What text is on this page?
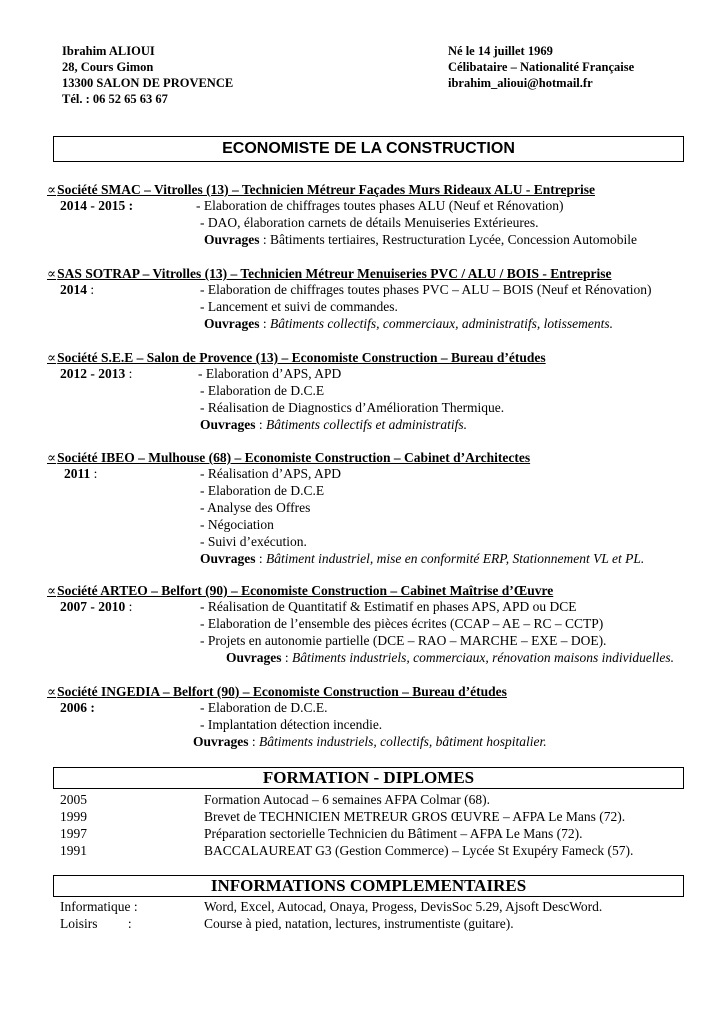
Ibrahim ALIOUI
28, Cours Gimon
13300 SALON DE PROVENCE
Tél. : 06 52 65 63 67
Né le 14 juillet 1969
Célibataire – Nationalité Française
ibrahim_alioui@hotmail.fr
ECONOMISTE DE LA CONSTRUCTION
∝Société SMAC – Vitrolles (13) – Technicien Métreur Façades Murs Rideaux ALU - Entreprise
2014 - 2015 :	- Elaboration de chiffrages toutes phases ALU (Neuf et Rénovation)
- DAO, élaboration carnets de détails Menuiseries Extérieures.
Ouvrages : Bâtiments tertiaires, Restructuration Lycée, Concession Automobile
∝SAS SOTRAP – Vitrolles (13) – Technicien Métreur Menuiseries PVC / ALU / BOIS - Entreprise
2014 :	- Elaboration de chiffrages toutes phases PVC – ALU – BOIS (Neuf et Rénovation)
- Lancement et suivi de commandes.
Ouvrages : Bâtiments collectifs, commerciaux, administratifs, lotissements.
∝Société S.E.E – Salon de Provence (13) – Economiste Construction – Bureau d’études
2012 - 2013 :	- Elaboration d’APS, APD
- Elaboration de D.C.E
- Réalisation de Diagnostics d’Amélioration Thermique.
Ouvrages : Bâtiments collectifs et administratifs.
∝Société IBEO – Mulhouse (68) – Economiste Construction – Cabinet d’Architectes
2011 :	- Réalisation d’APS, APD
- Elaboration de D.C.E
- Analyse des Offres
- Négociation
- Suivi d’exécution.
Ouvrages : Bâtiment industriel, mise en conformité ERP, Stationnement VL et PL.
∝Société ARTEO – Belfort (90) – Economiste Construction – Cabinet Maîtrise d’Œuvre
2007 - 2010 :	- Réalisation de Quantitatif & Estimatif en phases APS, APD ou DCE
- Elaboration de l’ensemble des pièces écrites (CCAP – AE – RC – CCTP)
- Projets en autonomie partielle (DCE – RAO – MARCHE – EXE – DOE).
Ouvrages : Bâtiments industriels, commerciaux, rénovation maisons individuelles.
∝Société INGEDIA – Belfort (90) – Economiste Construction – Bureau d’études
2006 :	- Elaboration de D.C.E.
- Implantation détection incendie.
Ouvrages : Bâtiments industriels, collectifs, bâtiment hospitalier.
FORMATION - DIPLOMES
2005	Formation Autocad – 6 semaines AFPA Colmar (68).
1999	Brevet de TECHNICIEN METREUR GROS ŒUVRE – AFPA Le Mans (72).
1997	Préparation sectorielle Technicien du Bâtiment – AFPA Le Mans (72).
1991	BACCALAUREAT G3 (Gestion Commerce) – Lycée St Exupéry Fameck (57).
INFORMATIONS COMPLEMENTAIRES
Informatique :	Word, Excel, Autocad, Onaya, Progess, DevisSoc 5.29, Ajsoft DescWord.
Loisirs         :	Course à pied, natation, lectures, instrumentiste (guitare).
